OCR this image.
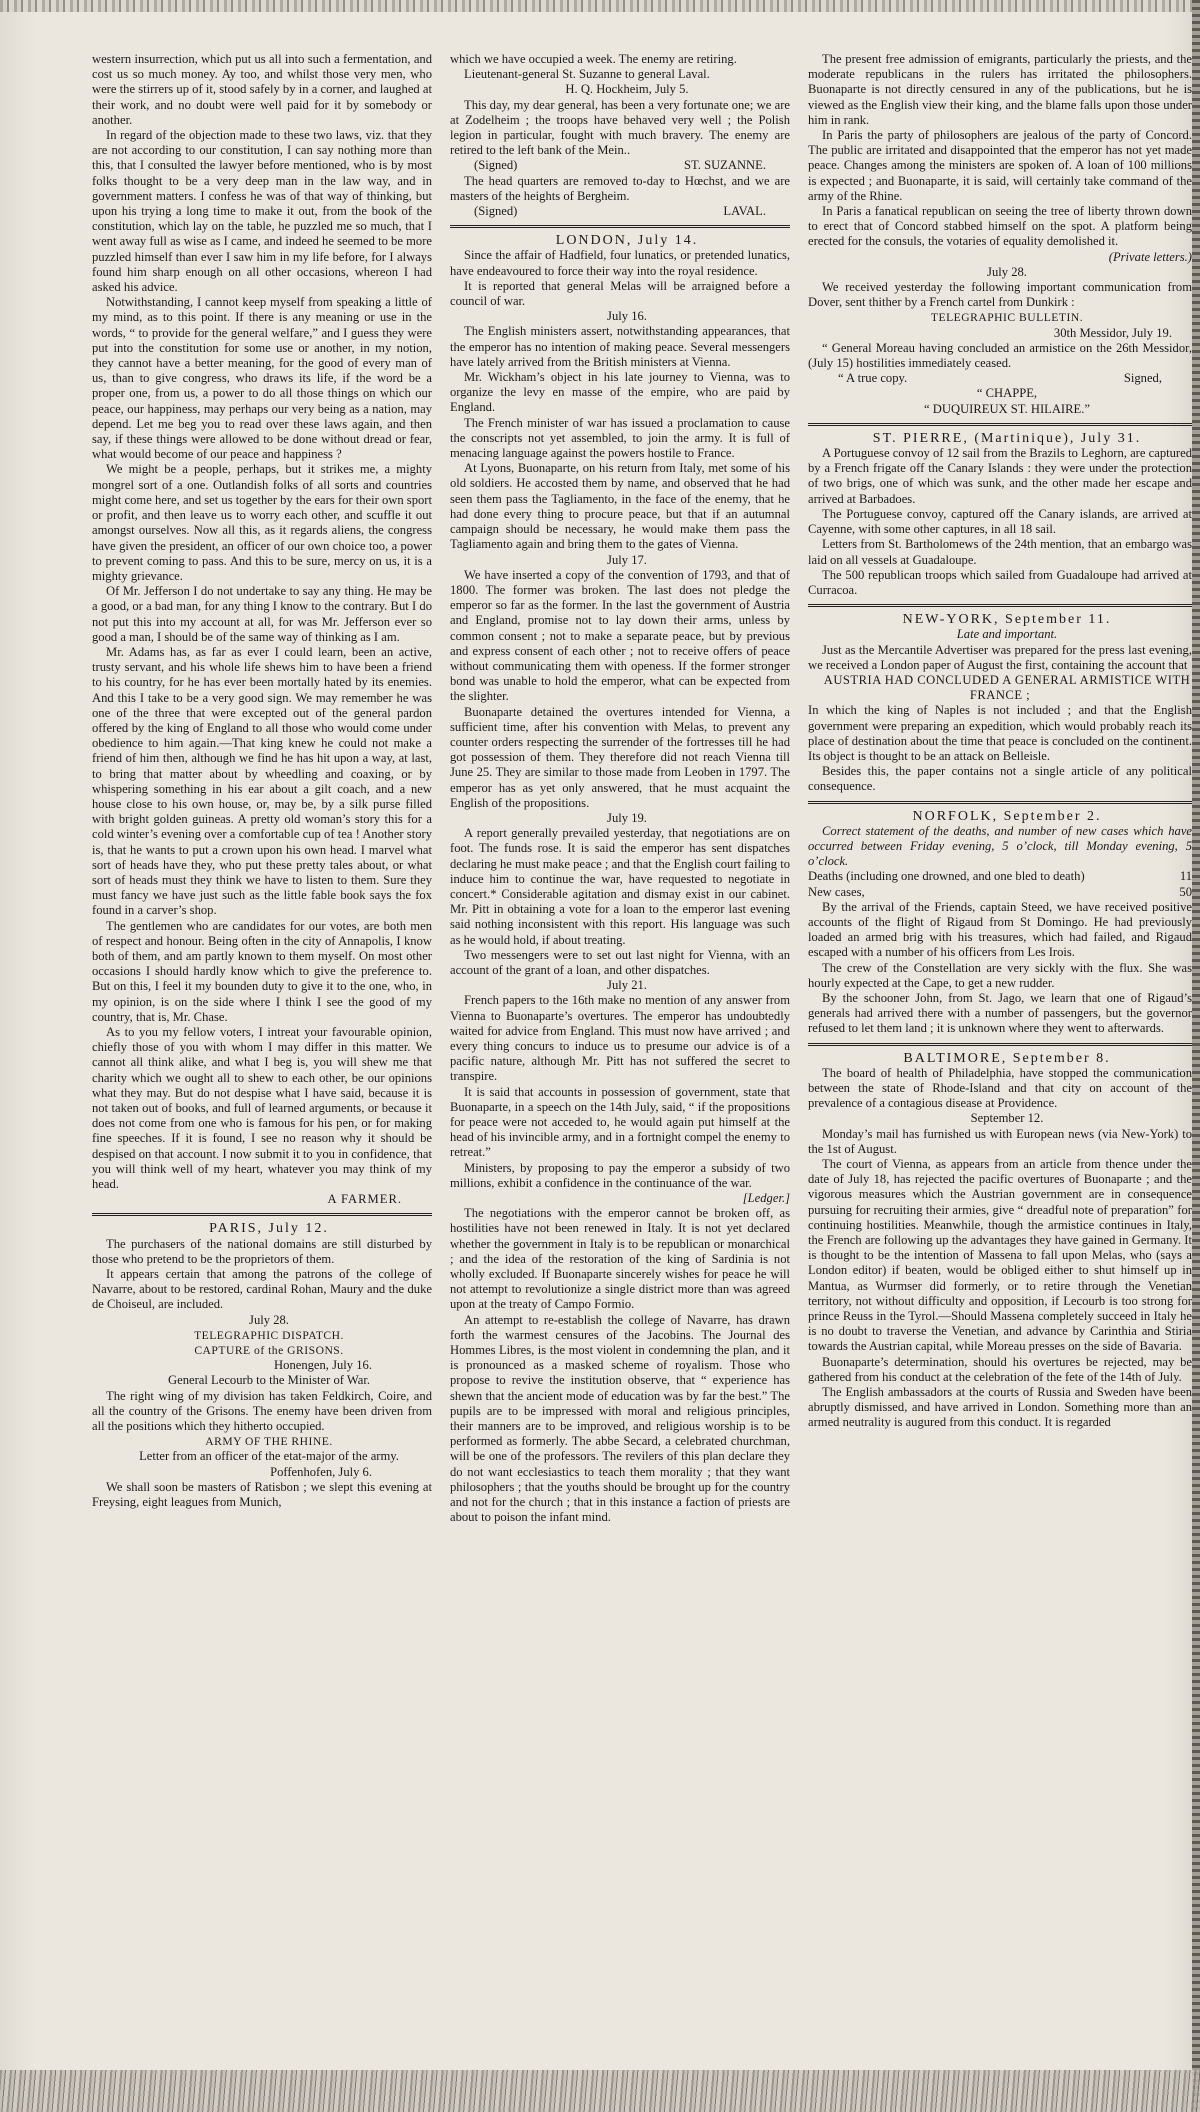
western insurrection, which put us all into such a fermentation, and cost us so much money. Ay too, and whilst those very men, who were the stirrers up of it, stood safely by in a corner, and laughed at their work, and no doubt were well paid for it by somebody or another.

In regard of the objection made to these two laws, viz. that they are not according to our constitution, I can say nothing more than this, that I consulted the lawyer before mentioned, who is by most folks thought to be a very deep man in the law way, and in government matters. I confess he was of that way of thinking, but upon his trying a long time to make it out, from the book of the constitution, which lay on the table, he puzzled me so much, that I went away full as wise as I came, and indeed he seemed to be more puzzled himself than ever I saw him in my life before, for I always found him sharp enough on all other occasions, whereon I had asked his advice.

Notwithstanding, I cannot keep myself from speaking a little of my mind, as to this point. If there is any meaning or use in the words, “ to provide for the general welfare,” and I guess they were put into the constitution for some use or another, in my notion, they cannot have a better meaning, for the good of every man of us, than to give congress, who draws its life, if the word be a proper one, from us, a power to do all those things on which our peace, our happiness, may perhaps our very being as a nation, may depend. Let me beg you to read over these laws again, and then say, if these things were allowed to be done without dread or fear, what would become of our peace and happiness ?

We might be a people, perhaps, but it strikes me, a mighty mongrel sort of a one. Outlandish folks of all sorts and countries might come here, and set us together by the ears for their own sport or profit, and then leave us to worry each other, and scuffle it out amongst ourselves. Now all this, as it regards aliens, the congress have given the president, an officer of our own choice too, a power to prevent coming to pass. And this to be sure, mercy on us, it is a mighty grievance.

Of Mr. Jefferson I do not undertake to say any thing. He may be a good, or a bad man, for any thing I know to the contrary. But I do not put this into my account at all, for was Mr. Jefferson ever so good a man, I should be of the same way of thinking as I am.

Mr. Adams has, as far as ever I could learn, been an active, trusty servant, and his whole life shews him to have been a friend to his country, for he has ever been mortally hated by its enemies. And this I take to be a very good sign. We may remember he was one of the three that were excepted out of the general pardon offered by the king of England to all those who would come under obedience to him again.—That king knew he could not make a friend of him then, although we find he has hit upon a way, at last, to bring that matter about by wheedling and coaxing, or by whispering something in his ear about a gilt coach, and a new house close to his own house, or, may be, by a silk purse filled with bright golden guineas. A pretty old woman’s story this for a cold winter’s evening over a comfortable cup of tea ! Another story is, that he wants to put a crown upon his own head. I marvel what sort of heads have they, who put these pretty tales about, or what sort of heads must they think we have to listen to them. Sure they must fancy we have just such as the little fable book says the fox found in a carver’s shop.

The gentlemen who are candidates for our votes, are both men of respect and honour. Being often in the city of Annapolis, I know both of them, and am partly known to them myself. On most other occasions I should hardly know which to give the preference to. But on this, I feel it my bounden duty to give it to the one, who, in my opinion, is on the side where I think I see the good of my country, that is, Mr. Chase.

As to you my fellow voters, I intreat your favourable opinion, chiefly those of you with whom I may differ in this matter. We cannot all think alike, and what I beg is, you will shew me that charity which we ought all to shew to each other, be our opinions what they may. But do not despise what I have said, because it is not taken out of books, and full of learned arguments, or because it does not come from one who is famous for his pen, or for making fine speeches. If it is found, I see no reason why it should be despised on that account. I now submit it to you in confidence, that you will think well of my heart, whatever you may think of my head.

A FARMER.

PARIS, July 12.

The purchasers of the national domains are still disturbed by those who pretend to be the proprietors of them.

It appears certain that among the patrons of the college of Navarre, about to be restored, cardinal Rohan, Maury and the duke de Choiseul, are included.

July 28.

TELEGRAPHIC DISPATCH.

CAPTURE of the GRISONS.

Honengen, July 16.

General Lecourb to the Minister of War.

The right wing of my division has taken Feldkirch, Coire, and all the country of the Grisons. The enemy have been driven from all the positions which they hitherto occupied.

ARMY OF THE RHINE.

Letter from an officer of the etat-major of the army.

Poffenhofen, July 6.

We shall soon be masters of Ratisbon ; we slept this evening at Freysing, eight leagues from Munich,

which we have occupied a week. The enemy are retiring.

Lieutenant-general St. Suzanne to general Laval.

H. Q. Hockheim, July 5.

This day, my dear general, has been a very fortunate one; we are at Zodelheim ; the troops have behaved very well ; the Polish legion in particular, fought with much bravery. The enemy are retired to the left bank of the Mein..

(Signed)	ST. SUZANNE.

The head quarters are removed to-day to Hœchst, and we are masters of the heights of Bergheim.

(Signed)	LAVAL.

LONDON, July 14.

Since the affair of Hadfield, four lunatics, or pretended lunatics, have endeavoured to force their way into the royal residence.

It is reported that general Melas will be arraigned before a council of war.

July 16.

The English ministers assert, notwithstanding appearances, that the emperor has no intention of making peace. Several messengers have lately arrived from the British ministers at Vienna.

Mr. Wickham’s object in his late journey to Vienna, was to organize the levy en masse of the empire, who are paid by England.

The French minister of war has issued a proclamation to cause the conscripts not yet assembled, to join the army. It is full of menacing language against the powers hostile to France.

At Lyons, Buonaparte, on his return from Italy, met some of his old soldiers. He accosted them by name, and observed that he had seen them pass the Tagliamento, in the face of the enemy, that he had done every thing to procure peace, but that if an autumnal campaign should be necessary, he would make them pass the Tagliamento again and bring them to the gates of Vienna.

July 17.

We have inserted a copy of the convention of 1793, and that of 1800. The former was broken. The last does not pledge the emperor so far as the former. In the last the government of Austria and England, promise not to lay down their arms, unless by common consent ; not to make a separate peace, but by previous and express consent of each other ; not to receive offers of peace without communicating them with openess. If the former stronger bond was unable to hold the emperor, what can be expected from the slighter.

Buonaparte detained the overtures intended for Vienna, a sufficient time, after his convention with Melas, to prevent any counter orders respecting the surrender of the fortresses till he had got possession of them. They therefore did not reach Vienna till June 25. They are similar to those made from Leoben in 1797. The emperor has as yet only answered, that he must acquaint the English of the propositions.

July 19.

A report generally prevailed yesterday, that negotiations are on foot. The funds rose. It is said the emperor has sent dispatches declaring he must make peace ; and that the English court failing to induce him to continue the war, have requested to negotiate in concert.* Considerable agitation and dismay exist in our cabinet. Mr. Pitt in obtaining a vote for a loan to the emperor last evening said nothing inconsistent with this report. His language was such as he would hold, if about treating.

Two messengers were to set out last night for Vienna, with an account of the grant of a loan, and other dispatches.

July 21.

French papers to the 16th make no mention of any answer from Vienna to Buonaparte’s overtures. The emperor has undoubtedly waited for advice from England. This must now have arrived ; and every thing concurs to induce us to presume our advice is of a pacific nature, although Mr. Pitt has not suffered the secret to transpire.

It is said that accounts in possession of government, state that Buonaparte, in a speech on the 14th July, said, “ if the propositions for peace were not acceded to, he would again put himself at the head of his invincible army, and in a fortnight compel the enemy to retreat.”

Ministers, by proposing to pay the emperor a subsidy of two millions, exhibit a confidence in the continuance of the war.

[Ledger.]

The negotiations with the emperor cannot be broken off, as hostilities have not been renewed in Italy. It is not yet declared whether the government in Italy is to be republican or monarchical ; and the idea of the restoration of the king of Sardinia is not wholly excluded. If Buonaparte sincerely wishes for peace he will not attempt to revolutionize a single district more than was agreed upon at the treaty of Campo Formio.

An attempt to re-establish the college of Navarre, has drawn forth the warmest censures of the Jacobins. The Journal des Hommes Libres, is the most violent in condemning the plan, and it is pronounced as a masked scheme of royalism. Those who propose to revive the institution observe, that “ experience has shewn that the ancient mode of education was by far the best.” The pupils are to be impressed with moral and religious principles, their manners are to be improved, and religious worship is to be performed as formerly. The abbe Secard, a celebrated churchman, will be one of the professors. The revilers of this plan declare they do not want ecclesiastics to teach them morality ; that they want philosophers ; that the youths should be brought up for the country and not for the church ; that in this instance a faction of priests are about to poison the infant mind.

The present free admission of emigrants, particularly the priests, and the moderate republicans in the rulers has irritated the philosophers. Buonaparte is not directly censured in any of the publications, but he is viewed as the English view their king, and the blame falls upon those under him in rank.

In Paris the party of philosophers are jealous of the party of Concord. The public are irritated and disappointed that the emperor has not yet made peace. Changes among the ministers are spoken of. A loan of 100 millions is expected ; and Buonaparte, it is said, will certainly take command of the army of the Rhine.

In Paris a fanatical republican on seeing the tree of liberty thrown down to erect that of Concord stabbed himself on the spot. A platform being erected for the consuls, the votaries of equality demolished it.

(Private letters.)

July 28.

We received yesterday the following important communication from Dover, sent thither by a French cartel from Dunkirk :

TELEGRAPHIC BULLETIN.

30th Messidor, July 19.

“ General Moreau having concluded an armistice on the 26th Messidor, (July 15) hostilities immediately ceased.

“ A true copy.	Signed,

“ CHAPPE,

“ DUQUIREUX ST. HILAIRE.”

ST. PIERRE, (Martinique), July 31.

A Portuguese convoy of 12 sail from the Brazils to Leghorn, are captured by a French frigate off the Canary Islands : they were under the protection of two brigs, one of which was sunk, and the other made her escape and arrived at Barbadoes.

The Portuguese convoy, captured off the Canary islands, are arrived at Cayenne, with some other captures, in all 18 sail.

Letters from St. Bartholomews of the 24th mention, that an embargo was laid on all vessels at Guadaloupe.

The 500 republican troops which sailed from Guadaloupe had arrived at Curracoa.

NEW-YORK, September 11.

Late and important.

Just as the Mercantile Advertiser was prepared for the press last evening, we received a London paper of August the first, containing the account that

AUSTRIA HAD CONCLUDED A GENERAL ARMISTICE WITH FRANCE ;

In which the king of Naples is not included ; and that the English government were preparing an expedition, which would probably reach its place of destination about the time that peace is concluded on the continent. Its object is thought to be an attack on Belleisle.

Besides this, the paper contains not a single article of any political consequence.

NORFOLK, September 2.

Correct statement of the deaths, and number of new cases which have occurred between Friday evening, 5 o’clock, till Monday evening, 5 o’clock.

Deaths (including one drowned, and one bled to death)	11
New cases,	50

By the arrival of the Friends, captain Steed, we have received positive accounts of the flight of Rigaud from St Domingo. He had previously loaded an armed brig with his treasures, which had failed, and Rigaud escaped with a number of his officers from Les Irois.

The crew of the Constellation are very sickly with the flux. She was hourly expected at the Cape, to get a new rudder.

By the schooner John, from St. Jago, we learn that one of Rigaud’s generals had arrived there with a number of passengers, but the governor refused to let them land ; it is unknown where they went to afterwards.

BALTIMORE, September 8.

The board of health of Philadelphia, have stopped the communication between the state of Rhode-Island and that city on account of the prevalence of a contagious disease at Providence.

September 12.

Monday’s mail has furnished us with European news (via New-York) to the 1st of August.

The court of Vienna, as appears from an article from thence under the date of July 18, has rejected the pacific overtures of Buonaparte ; and the vigorous measures which the Austrian government are in consequence pursuing for recruiting their armies, give “ dreadful note of preparation” for continuing hostilities. Meanwhile, though the armistice continues in Italy, the French are following up the advantages they have gained in Germany. It is thought to be the intention of Massena to fall upon Melas, who (says a London editor) if beaten, would be obliged either to shut himself up in Mantua, as Wurmser did formerly, or to retire through the Venetian territory, not without difficulty and opposition, if Lecourb is too strong for prince Reuss in the Tyrol.—Should Massena completely succeed in Italy he is no doubt to traverse the Venetian, and advance by Carinthia and Stiria towards the Austrian capital, while Moreau presses on the side of Bavaria.

Buonaparte’s determination, should his overtures be rejected, may be gathered from his conduct at the celebration of the fete of the 14th of July.

The English ambassadors at the courts of Russia and Sweden have been abruptly dismissed, and have arrived in London. Something more than an armed neutrality is augured from this conduct. It is regarded
